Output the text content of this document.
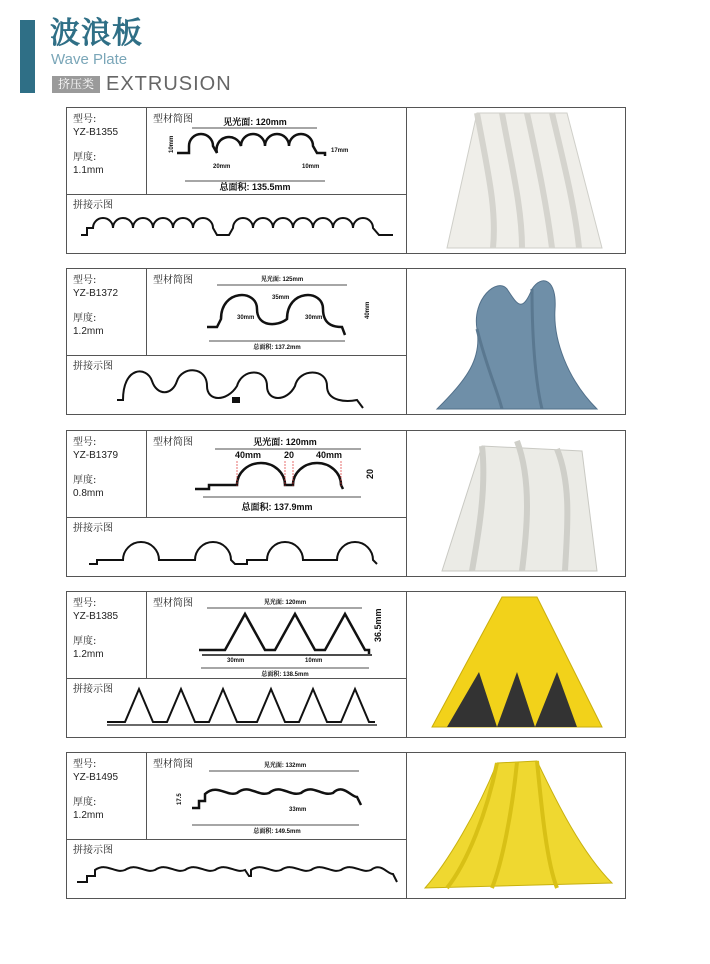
波浪板
Wave Plate
挤压类 EXTRUSION
型号:
YZ-B1355
厚度:
1.1mm
型材简图	见光面: 120mm
总面积: 135.5mm
20mm
10mm
10mm
17mm
拼接示图
型号:
YZ-B1372
厚度:
1.2mm
型材简图	见光面: 125mm
总面积: 137.2mm
35mm
30mm	30mm	40mm
拼接示图
型号:
YZ-B1379
厚度:
0.8mm
型材简图	见光面: 120mm
总面积: 137.9mm
40mm	20 40mm
20
拼接示图
型号:
YZ-B1385
厚度:
1.2mm
型材简图	见光面: 120mm
总面积: 138.5mm
30mm	10mm
36.5mm
拼接示图
型号:
YZ-B1495
厚度:
1.2mm
型材简图	见光面: 132mm
总面积: 149.5mm
33mm
17.5
拼接示图
